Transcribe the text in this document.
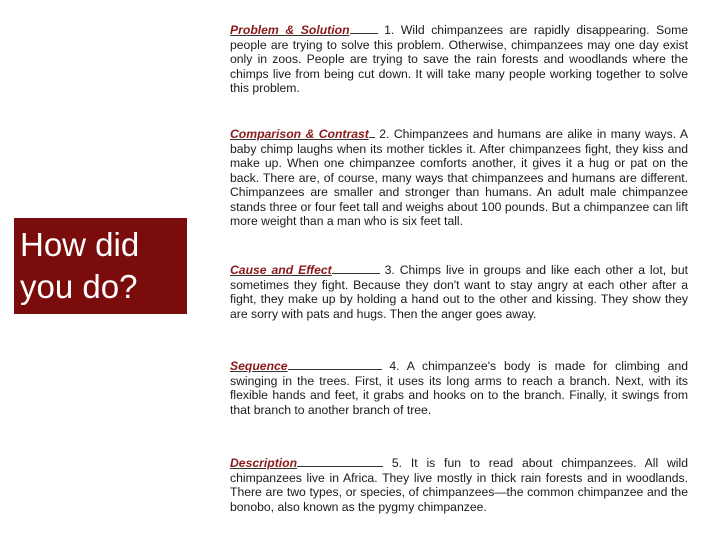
How did
you do?
Problem & Solution	1. Wild chimpanzees are rapidly disappearing. Some people are trying to solve this problem. Otherwise, chimpanzees may one day exist only in zoos. People are trying to save the rain forests and woodlands where the chimps live from being cut down. It will take many people working together to solve this problem.
Comparison & Contrast 2. Chimpanzees and humans are alike in many ways. A baby chimp laughs when its mother tickles it. After chimpanzees fight, they kiss and make up. When one chimpanzee comforts another, it gives it a hug or pat on the back. There are, of course, many ways that chimpanzees and humans are different. Chimpanzees are smaller and stronger than humans. An adult male chimpanzee stands three or four feet tall and weighs about 100 pounds. But a chimpanzee can lift more weight than a man who is six feet tall.
Cause and Effect	3. Chimps live in groups and like each other a lot, but sometimes they fight. Because they don't want to stay angry at each other after a fight, they make up by holding a hand out to the other and kissing. They show they are sorry with pats and hugs. Then the anger goes away.
Sequence	4. A chimpanzee's body is made for climbing and swinging in the trees. First, it uses its long arms to reach a branch. Next, with its flexible hands and feet, it grabs and hooks on to the branch. Finally, it swings from that branch to another branch of tree.
Description	5. It is fun to read about chimpanzees. All wild chimpanzees live in Africa. They live mostly in thick rain forests and in woodlands. There are two types, or species, of chimpanzees—the common chimpanzee and the bonobo, also known as the pygmy chimpanzee.
